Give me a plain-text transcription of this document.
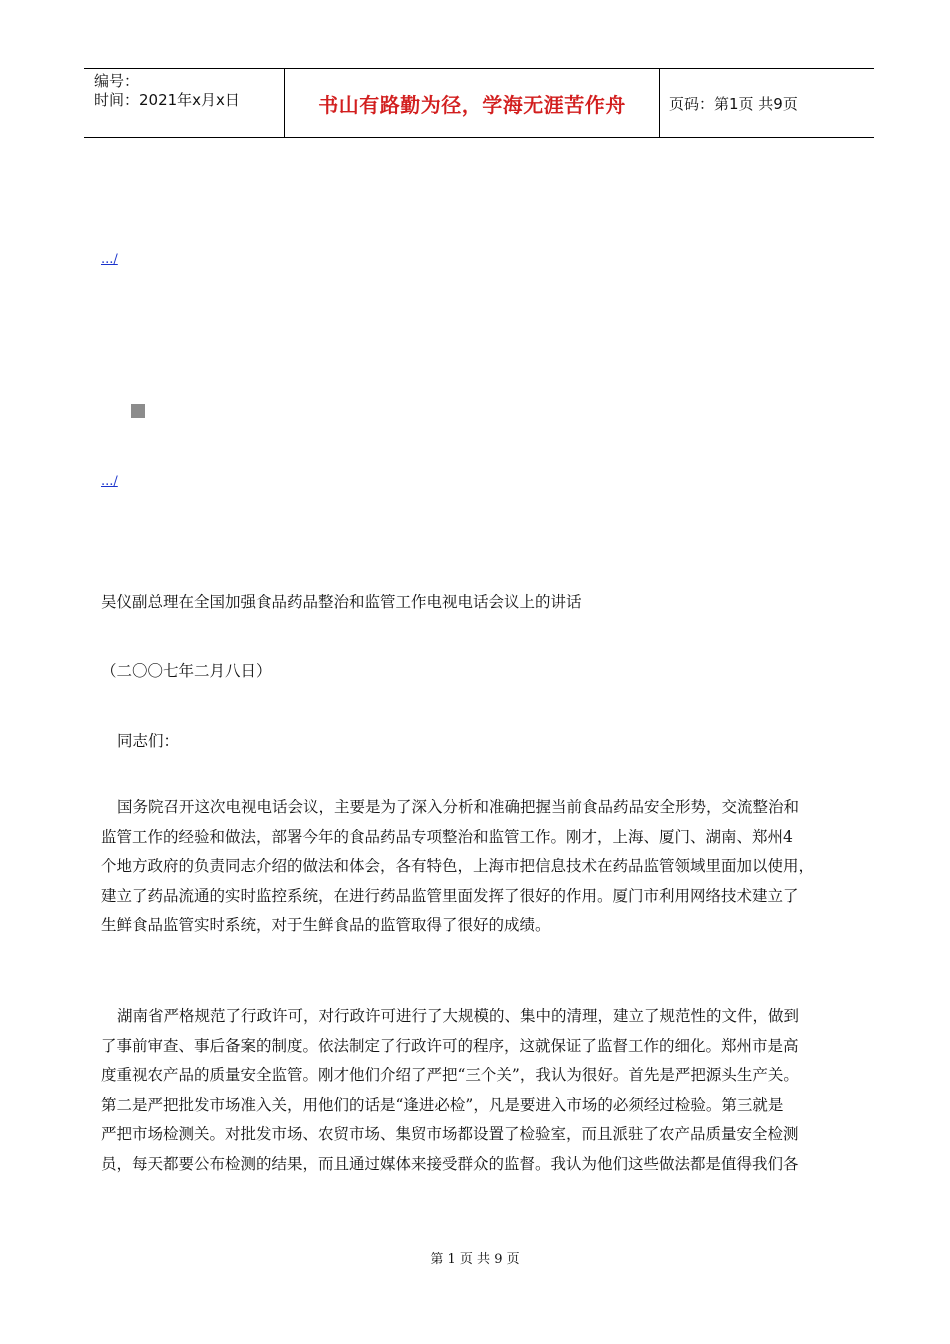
编号：
时间：2021年x月x日	书山有路勤为径，学海无涯苦作舟	页码：第1页 共9页
.../
.../
吴仪副总理在全国加强食品药品整治和监管工作电视电话会议上的讲话
（二〇〇七年二月八日）
同志们：
国务院召开这次电视电话会议，主要是为了深入分析和准确把握当前食品药品安全形势，交流整治和
监管工作的经验和做法，部署今年的食品药品专项整治和监管工作。刚才，上海、厦门、湖南、郑州4
个地方政府的负责同志介绍的做法和体会，各有特色，上海市把信息技术在药品监管领域里面加以使用，
建立了药品流通的实时监控系统，在进行药品监管里面发挥了很好的作用。厦门市利用网络技术建立了
生鲜食品监管实时系统，对于生鲜食品的监管取得了很好的成绩。
湖南省严格规范了行政许可，对行政许可进行了大规模的、集中的清理，建立了规范性的文件，做到
了事前审查、事后备案的制度。依法制定了行政许可的程序，这就保证了监督工作的细化。郑州市是高
度重视农产品的质量安全监管。刚才他们介绍了严把“三个关”，我认为很好。首先是严把源头生产关。
第二是严把批发市场准入关，用他们的话是“逢进必检”，凡是要进入市场的必须经过检验。第三就是
严把市场检测关。对批发市场、农贸市场、集贸市场都设置了检验室，而且派驻了农产品质量安全检测
员，每天都要公布检测的结果，而且通过媒体来接受群众的监督。我认为他们这些做法都是值得我们各
第 1 页 共 9 页
